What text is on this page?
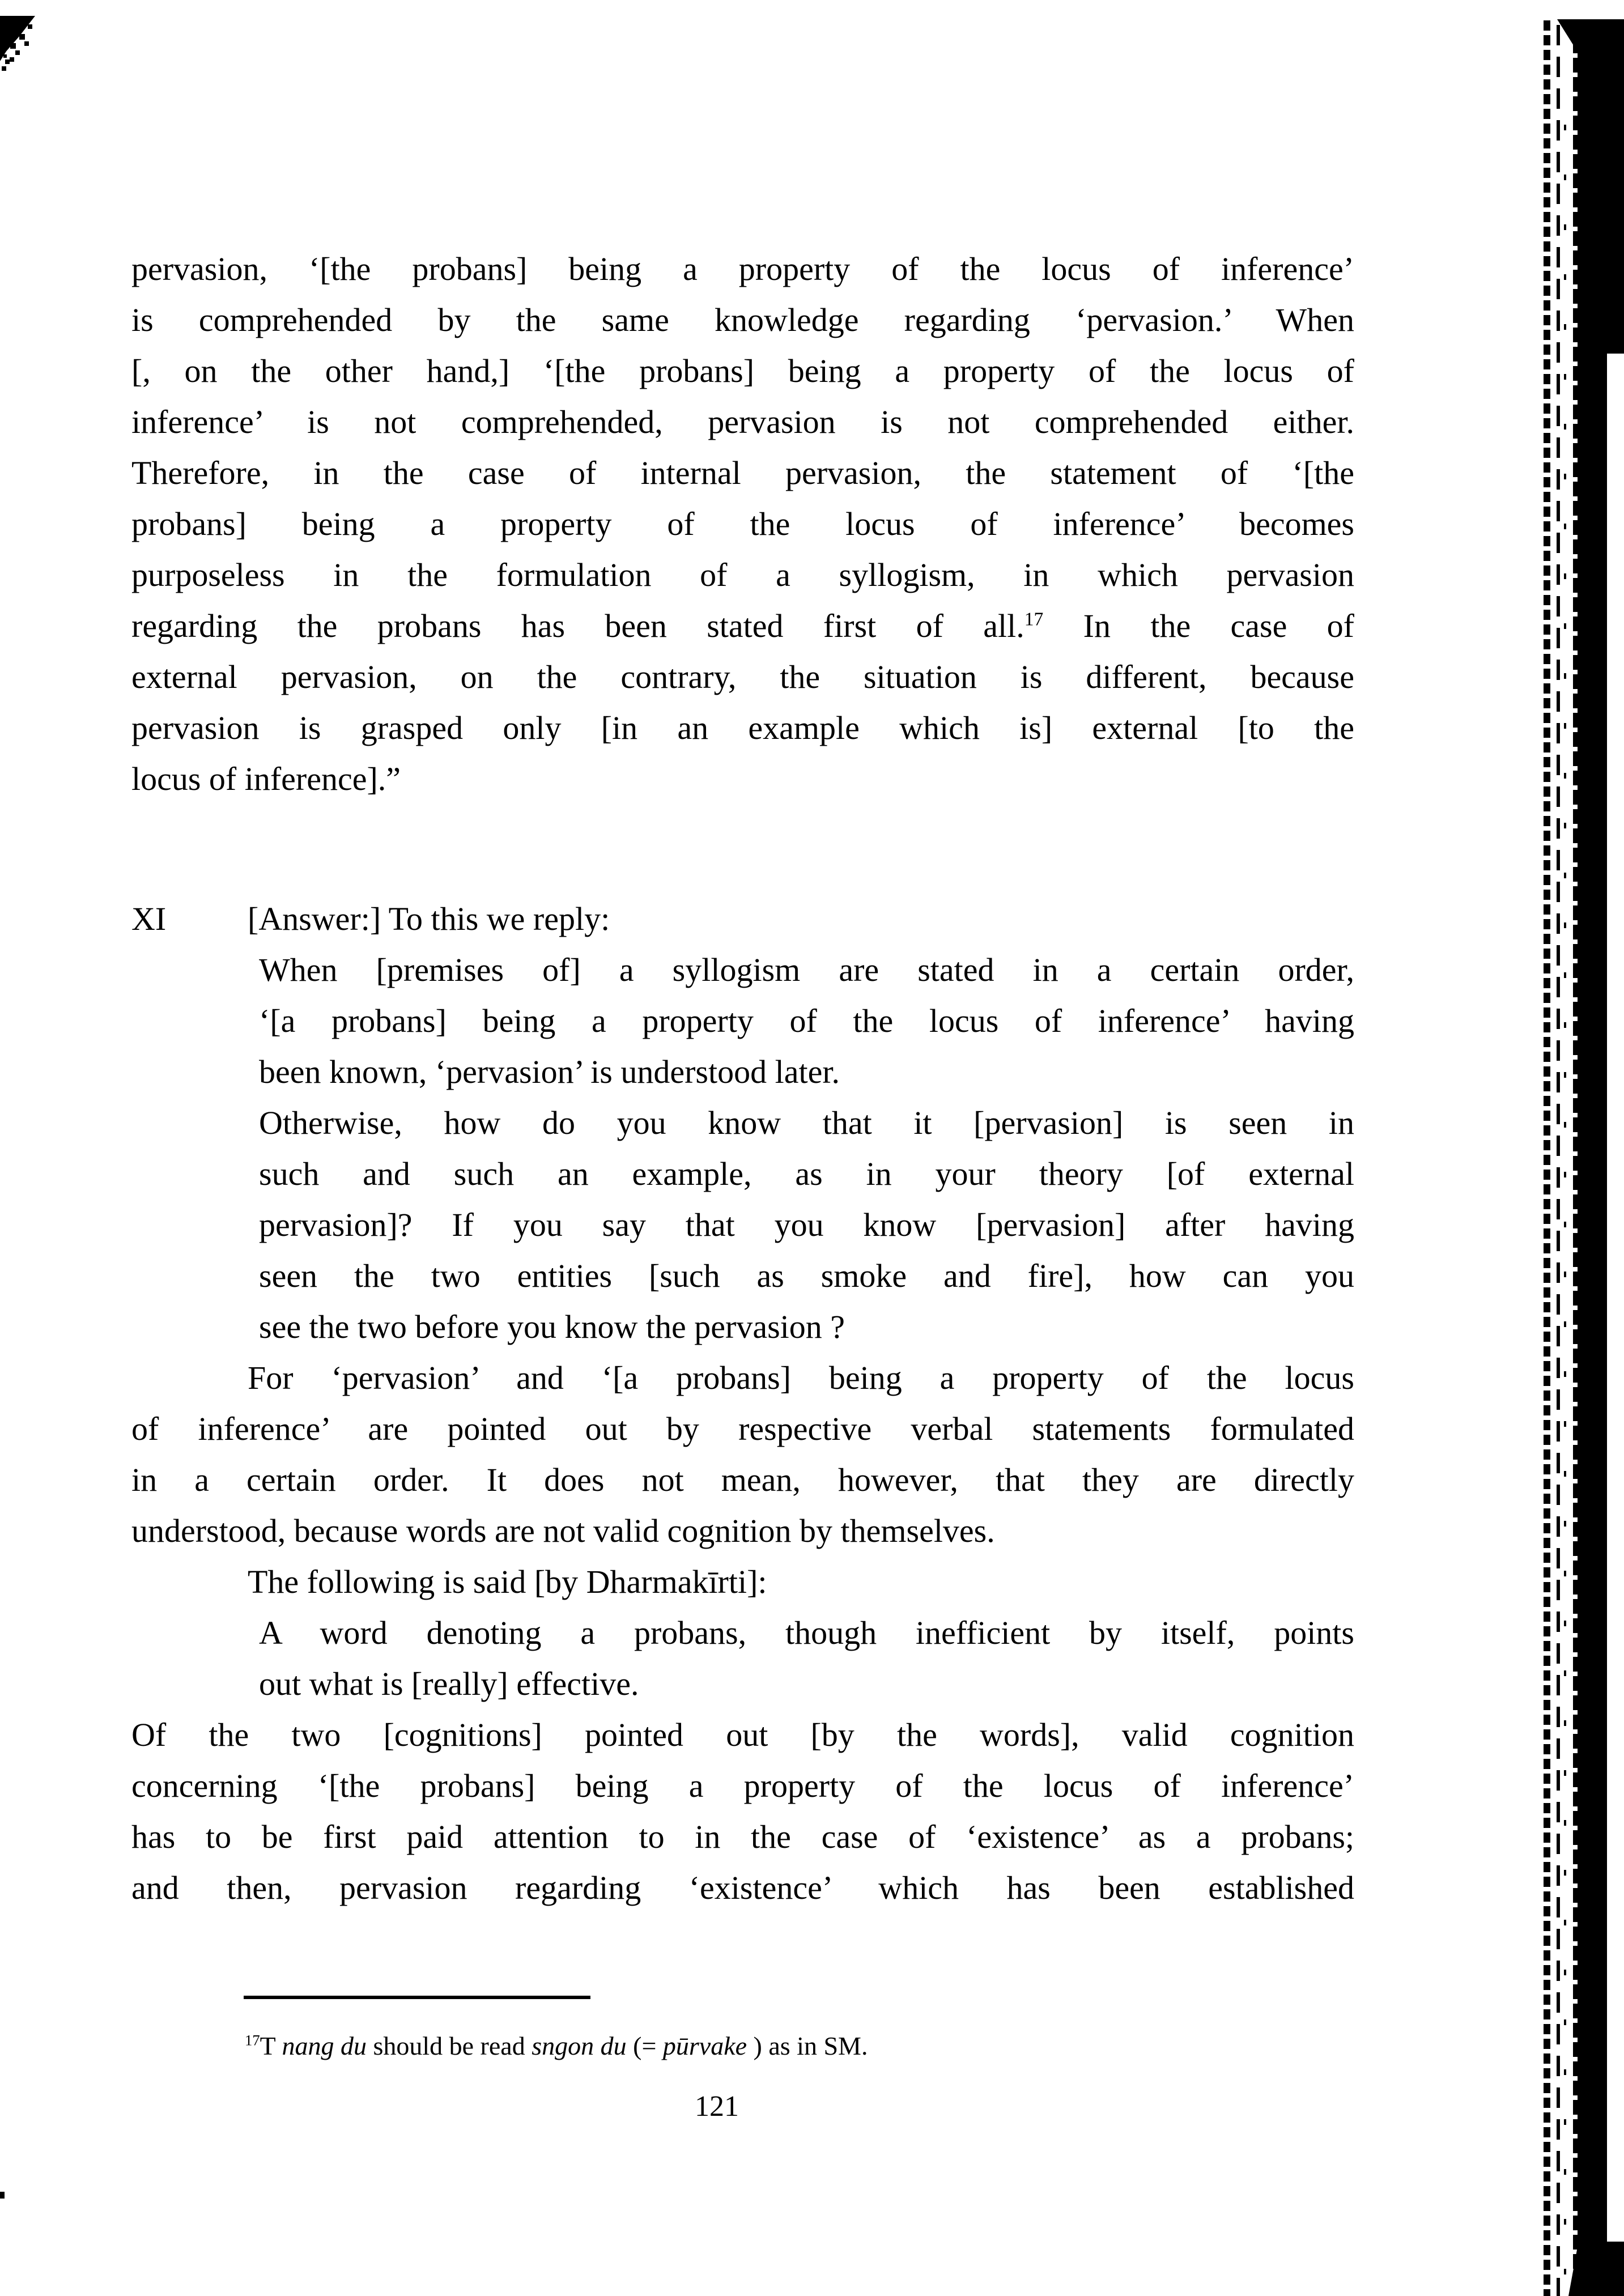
pervasion, ‘[the probans] being a property of the locus of inference’
is comprehended by the same knowledge regarding ‘pervasion.’ When
[, on the other hand,] ‘[the probans] being a property of the locus of
inference’ is not comprehended, pervasion is not comprehended either.
Therefore, in the case of internal pervasion, the statement of ‘[the
probans] being a property of the locus of inference’ becomes
purposeless in the formulation of a syllogism, in which pervasion
regarding the probans has been stated first of all.$^{17}$ In the case of
external pervasion, on the contrary, the situation is different, because
pervasion is grasped only [in an example which is] external [to the
locus of inference].”
XI [Answer:] To this we reply:
When [premises of] a syllogism are stated in a certain order,
‘[a probans] being a property of the locus of inference’ having
been known, ‘pervasion’ is understood later.
Otherwise, how do you know that it [pervasion] is seen in
such and such an example, as in your theory [of external
pervasion]? If you say that you know [pervasion] after having
seen the two entities [such as smoke and fire], how can you
see the two before you know the pervasion ?
For ‘pervasion’ and ‘[a probans] being a property of the locus
of inference’ are pointed out by respective verbal statements formulated
in a certain order. It does not mean, however, that they are directly
understood, because words are not valid cognition by themselves.
The following is said [by Dharmakīrti]:
A word denoting a probans, though inefficient by itself, points
out what is [really] effective.
Of the two [cognitions] pointed out [by the words], valid cognition
concerning ‘[the probans] being a property of the locus of inference’
has to be first paid attention to in the case of ‘existence’ as a probans;
and then, pervasion regarding ‘existence’ which has been established
$^{17}$T nang du should be read sngon du (= pūrvake ) as in SM.
121
